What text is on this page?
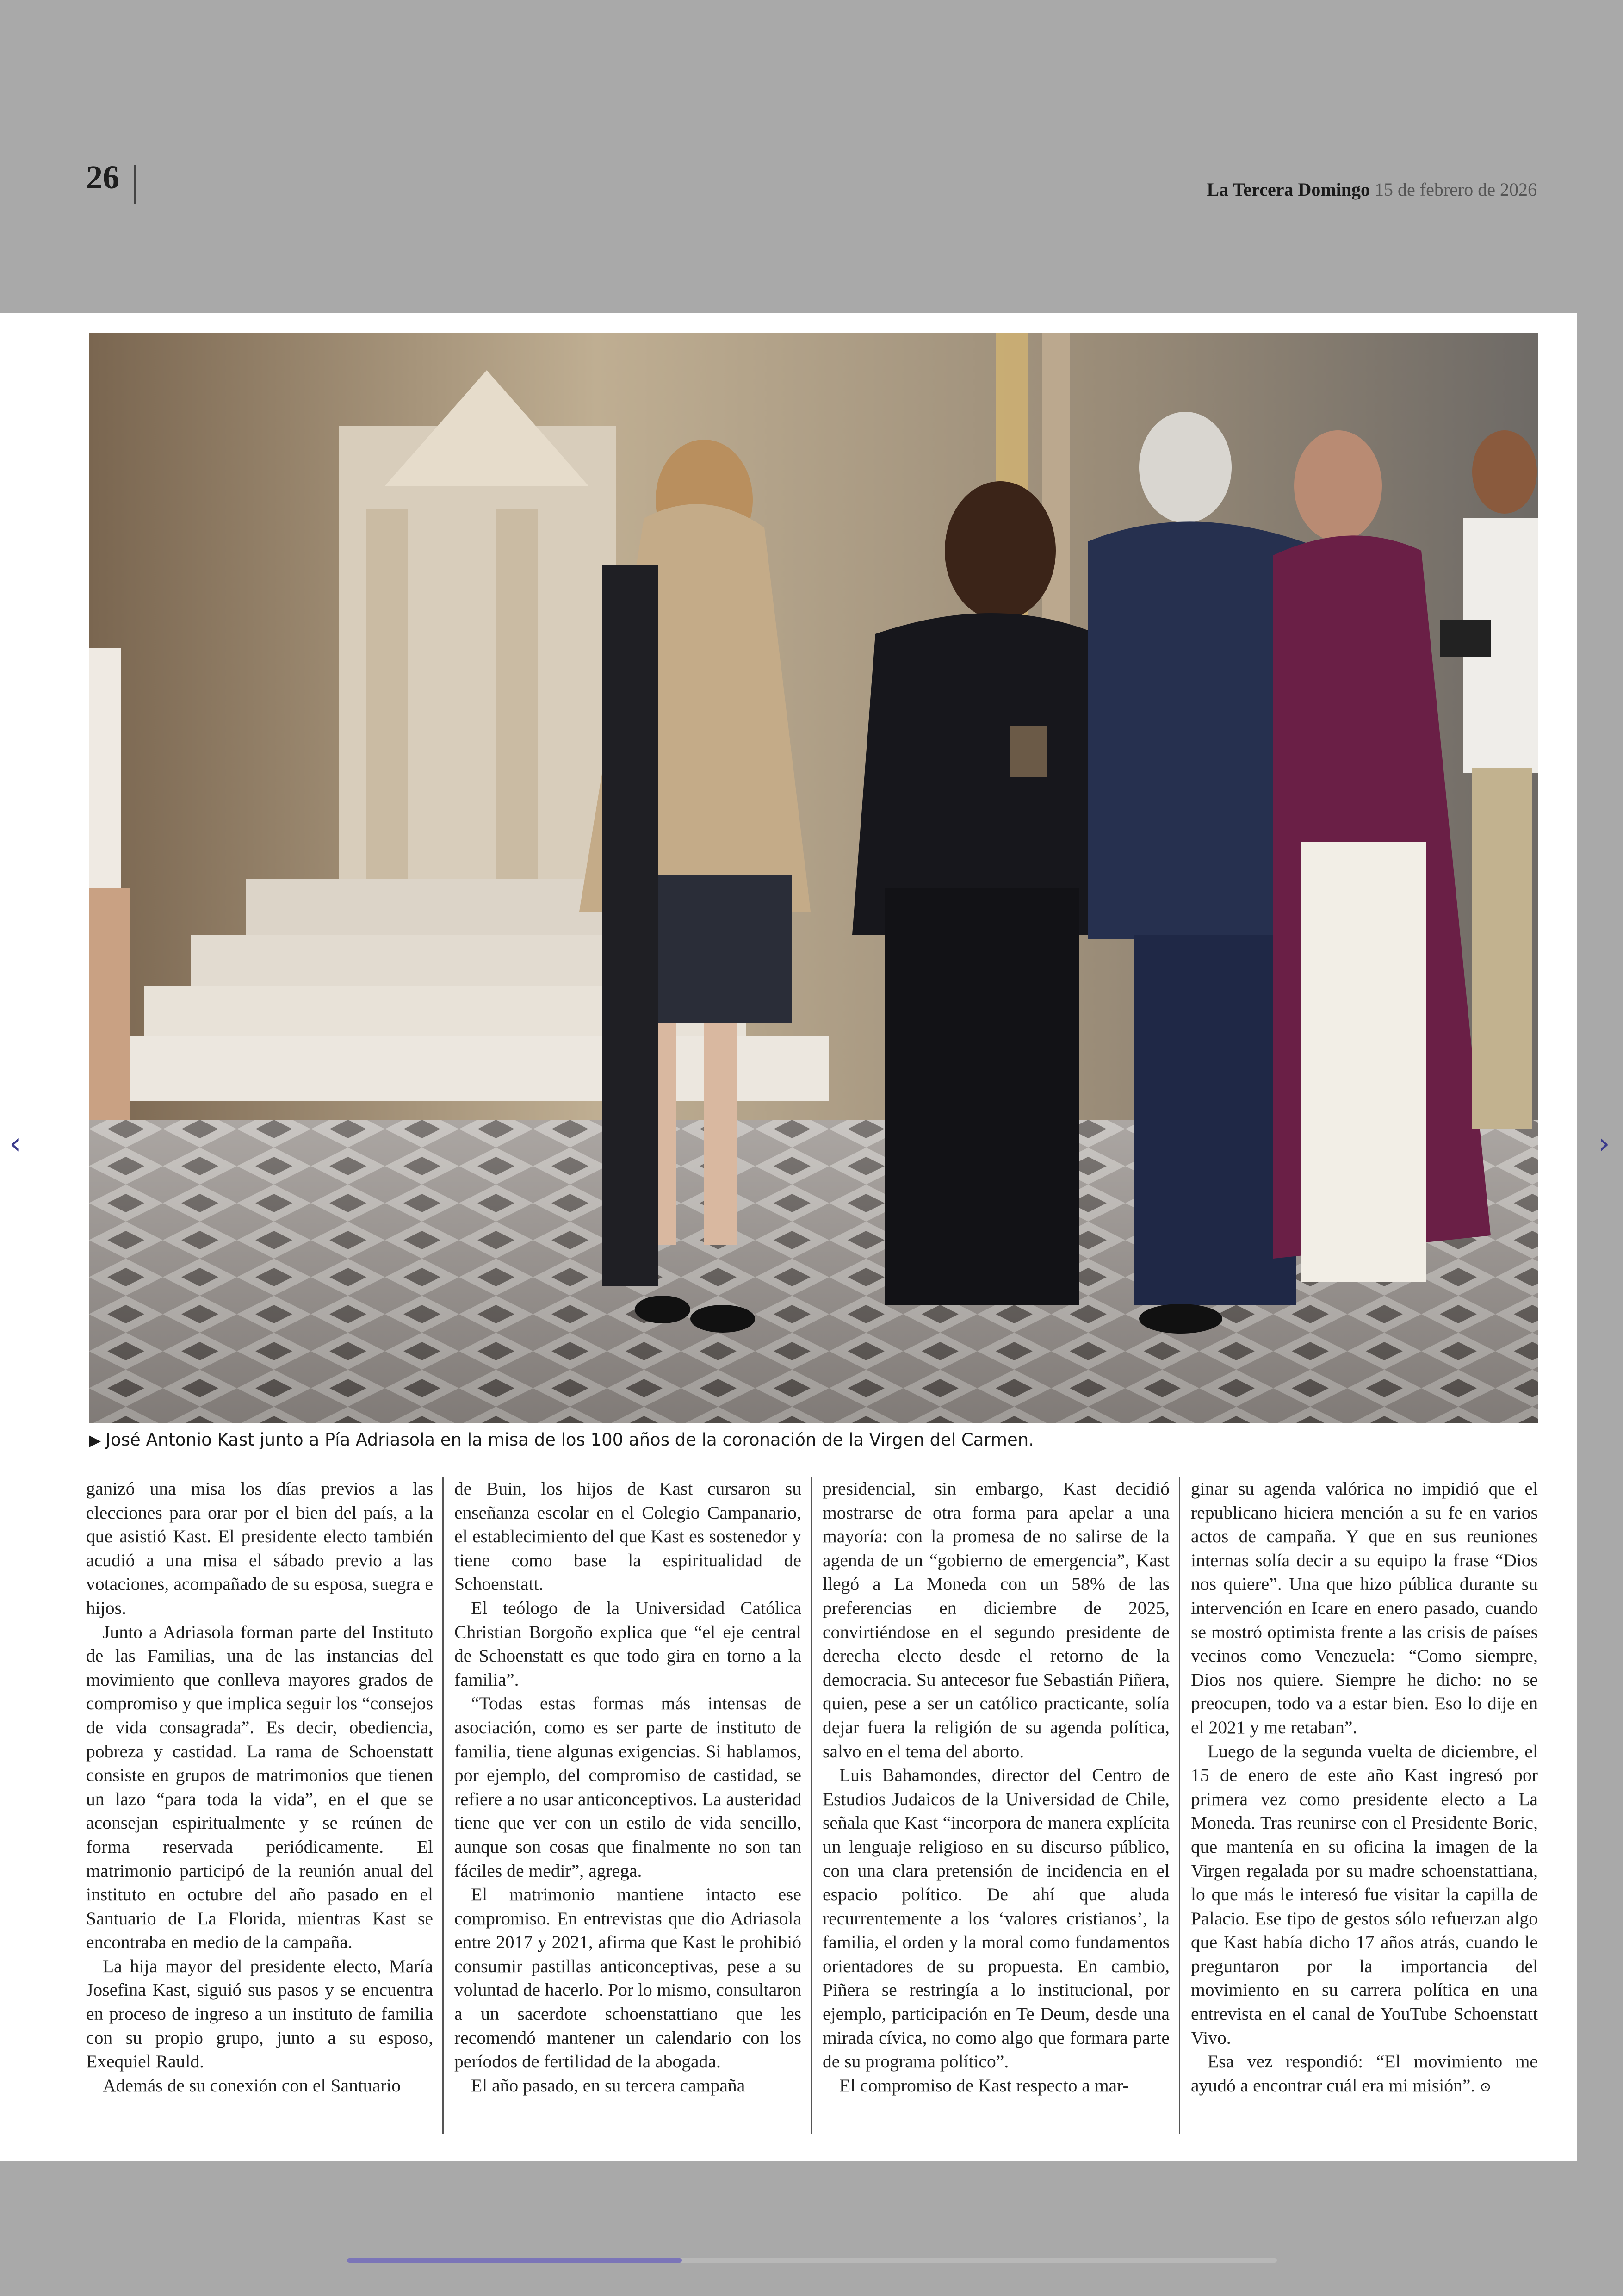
26	La Tercera Domingo 15 de febrero de 2026
▶ José Antonio Kast junto a Pía Adriasola en la misa de los 100 años de la coronación de la Virgen del Carmen.

ganizó una misa los días previos a las elecciones para orar por el bien del país, a la que asistió Kast. El presidente electo también acudió a una misa el sábado previo a las votaciones, acompañado de su esposa, suegra e hijos.

Junto a Adriasola forman parte del Instituto de las Familias, una de las instancias del movimiento que conlleva mayores grados de compromiso y que implica seguir los “consejos de vida consagrada”. Es decir, obediencia, pobreza y castidad. La rama de Schoenstatt consiste en grupos de matrimonios que tienen un lazo “para toda la vida”, en el que se aconsejan espiritualmente y se reúnen de forma reservada periódicamente. El matrimonio participó de la reunión anual del instituto en octubre del año pasado en el Santuario de La Florida, mientras Kast se encontraba en medio de la campaña.

La hija mayor del presidente electo, María Josefina Kast, siguió sus pasos y se encuentra en proceso de ingreso a un instituto de familia con su propio grupo, junto a su esposo, Exequiel Rauld.

Además de su conexión con el Santuario

de Buin, los hijos de Kast cursaron su enseñanza escolar en el Colegio Campanario, el establecimiento del que Kast es sostenedor y tiene como base la espiritualidad de Schoenstatt.

El teólogo de la Universidad Católica Christian Borgoño explica que “el eje central de Schoenstatt es que todo gira en torno a la familia”.

“Todas estas formas más intensas de asociación, como es ser parte de instituto de familia, tiene algunas exigencias. Si hablamos, por ejemplo, del compromiso de castidad, se refiere a no usar anticonceptivos. La austeridad tiene que ver con un estilo de vida sencillo, aunque son cosas que finalmente no son tan fáciles de medir”, agrega.

El matrimonio mantiene intacto ese compromiso. En entrevistas que dio Adriasola entre 2017 y 2021, afirma que Kast le prohibió consumir pastillas anticonceptivas, pese a su voluntad de hacerlo. Por lo mismo, consultaron a un sacerdote schoenstattiano que les recomendó mantener un calendario con los períodos de fertilidad de la abogada.

El año pasado, en su tercera campaña

presidencial, sin embargo, Kast decidió mostrarse de otra forma para apelar a una mayoría: con la promesa de no salirse de la agenda de un “gobierno de emergencia”, Kast llegó a La Moneda con un 58% de las preferencias en diciembre de 2025, convirtiéndose en el segundo presidente de derecha electo desde el retorno de la democracia. Su antecesor fue Sebastián Piñera, quien, pese a ser un católico practicante, solía dejar fuera la religión de su agenda política, salvo en el tema del aborto.

Luis Bahamondes, director del Centro de Estudios Judaicos de la Universidad de Chile, señala que Kast “incorpora de manera explícita un lenguaje religioso en su discurso público, con una clara pretensión de incidencia en el espacio político. De ahí que aluda recurrentemente a los ‘valores cristianos’, la familia, el orden y la moral como fundamentos orientadores de su propuesta. En cambio, Piñera se restringía a lo institucional, por ejemplo, participación en Te Deum, desde una mirada cívica, no como algo que formara parte de su programa político”.

El compromiso de Kast respecto a mar-

ginar su agenda valórica no impidió que el republicano hiciera mención a su fe en varios actos de campaña. Y que en sus reuniones internas solía decir a su equipo la frase “Dios nos quiere”. Una que hizo pública durante su intervención en Icare en enero pasado, cuando se mostró optimista frente a las crisis de países vecinos como Venezuela: “Como siempre, Dios nos quiere. Siempre he dicho: no se preocupen, todo va a estar bien. Eso lo dije en el 2021 y me retaban”.

Luego de la segunda vuelta de diciembre, el 15 de enero de este año Kast ingresó por primera vez como presidente electo a La Moneda. Tras reunirse con el Presidente Boric, que mantenía en su oficina la imagen de la Virgen regalada por su madre schoenstattiana, lo que más le interesó fue visitar la capilla de Palacio. Ese tipo de gestos sólo refuerzan algo que Kast había dicho 17 años atrás, cuando le preguntaron por la importancia del movimiento en su carrera política en una entrevista en el canal de YouTube Schoenstatt Vivo.

Esa vez respondió: “El movimiento me ayudó a encontrar cuál era mi misión”. ⊙

‹	›
